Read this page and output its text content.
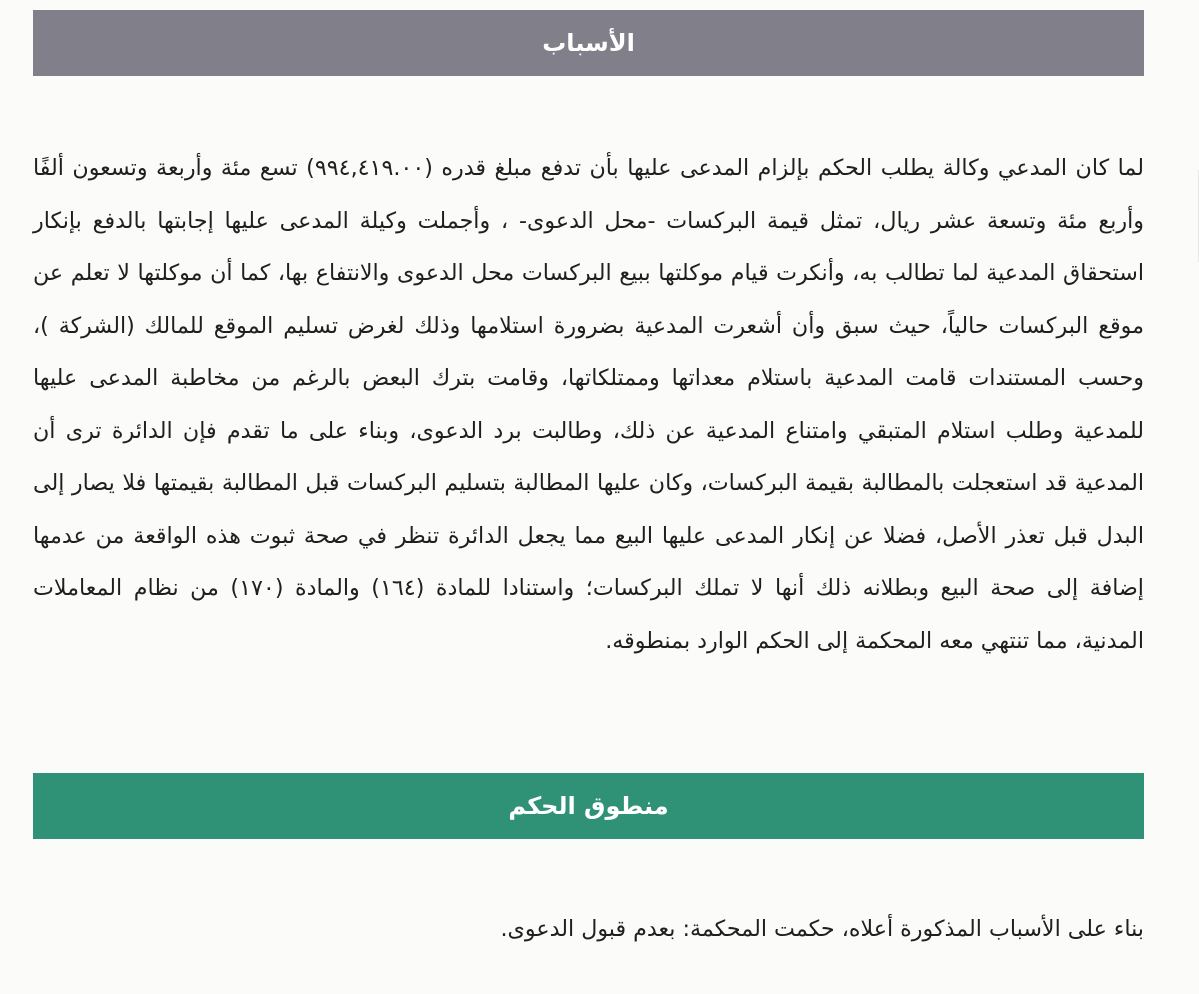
الأسباب

لما كان المدعي وكالة يطلب الحكم بإلزام المدعى عليها بأن تدفع مبلغ قدره (٩٩٤,٤١٩.٠٠) تسع مئة وأربعة وتسعون ألفًا وأربع مئة وتسعة عشر ريال، تمثل قيمة البركسات -محل الدعوى- ، وأجملت وكيلة المدعى عليها إجابتها بالدفع بإنكار استحقاق المدعية لما تطالب به، وأنكرت قيام موكلتها ببيع البركسات محل الدعوى والانتفاع بها، كما أن موكلتها لا تعلم عن موقع البركسات حالياً، حيث سبق وأن أشعرت المدعية بضرورة استلامها وذلك لغرض تسليم الموقع للمالك (الشركة )، وحسب المستندات قامت المدعية باستلام معداتها وممتلكاتها، وقامت بترك البعض بالرغم من مخاطبة المدعى عليها للمدعية وطلب استلام المتبقي وامتناع المدعية عن ذلك، وطالبت برد الدعوى، وبناء على ما تقدم فإن الدائرة ترى أن المدعية قد استعجلت بالمطالبة بقيمة البركسات، وكان عليها المطالبة بتسليم البركسات قبل المطالبة بقيمتها فلا يصار إلى البدل قبل تعذر الأصل، فضلا عن إنكار المدعى عليها البيع مما يجعل الدائرة تنظر في صحة ثبوت هذه الواقعة من عدمها إضافة إلى صحة البيع وبطلانه ذلك أنها لا تملك البركسات؛ واستنادا للمادة (١٦٤) والمادة (١٧٠) من نظام المعاملات المدنية، مما تنتهي معه المحكمة إلى الحكم الوارد بمنطوقه.

منطوق الحكم

بناء على الأسباب المذكورة أعلاه، حكمت المحكمة: بعدم قبول الدعوى.
